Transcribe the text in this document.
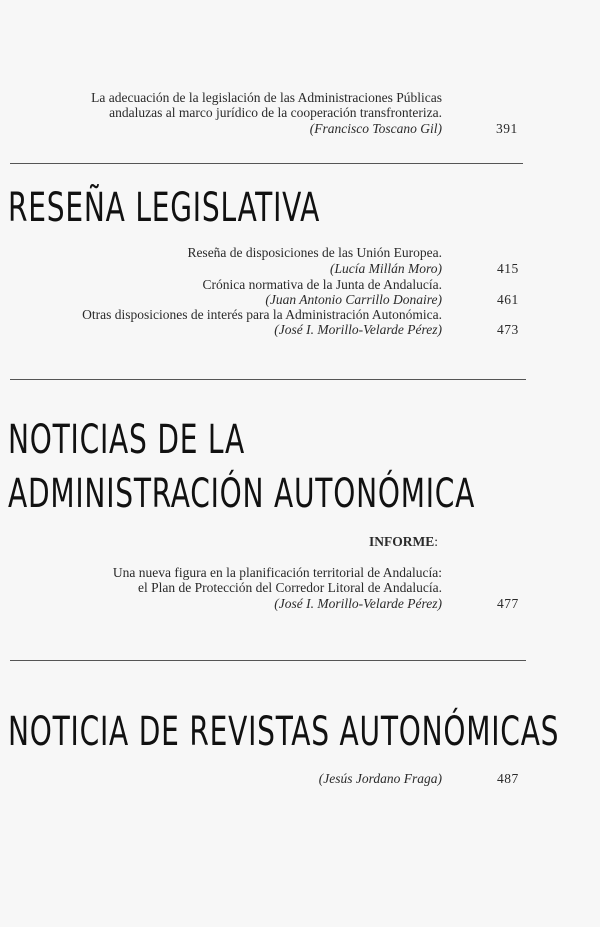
La adecuación de la legislación de las Administraciones Públicas
andaluzas al marco jurídico de la cooperación transfronteriza.
(Francisco Toscano Gil)	391
RESEÑA LEGISLATIVA
Reseña de disposiciones de las Unión Europea.
(Lucía Millán Moro)	415
Crónica normativa de la Junta de Andalucía.
(Juan Antonio Carrillo Donaire)	461
Otras disposiciones de interés para la Administración Autonómica.
(José I. Morillo-Velarde Pérez)	473
NOTICIAS DE LA
ADMINISTRACIÓN AUTONÓMICA
INFORME:
Una nueva figura en la planificación territorial de Andalucía:
el Plan de Protección del Corredor Litoral de Andalucía.
(José I. Morillo-Velarde Pérez)	477
NOTICIA DE REVISTAS AUTONÓMICAS
(Jesús Jordano Fraga)	487
